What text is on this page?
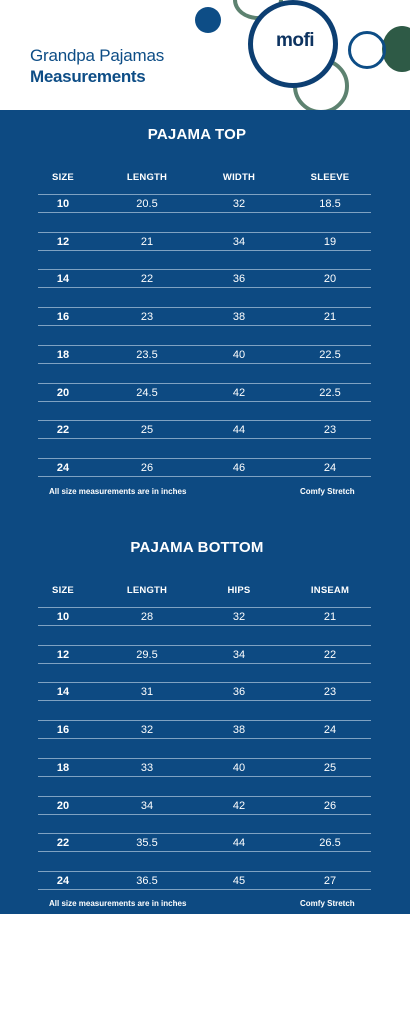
Grandpa Pajamas
Measurements
mofi
PAJAMA TOP
SIZE	LENGTH	WIDTH	SLEEVE
10	20.5	32	18.5
12	21	34	19
14	22	36	20
16	23	38	21
18	23.5	40	22.5
20	24.5	42	22.5
22	25	44	23
24	26	46	24
All size measurements are in inches	Comfy Stretch
PAJAMA BOTTOM
SIZE	LENGTH	HIPS	INSEAM
10	28	32	21
12	29.5	34	22
14	31	36	23
16	32	38	24
18	33	40	25
20	34	42	26
22	35.5	44	26.5
24	36.5	45	27
All size measurements are in inches	Comfy Stretch
